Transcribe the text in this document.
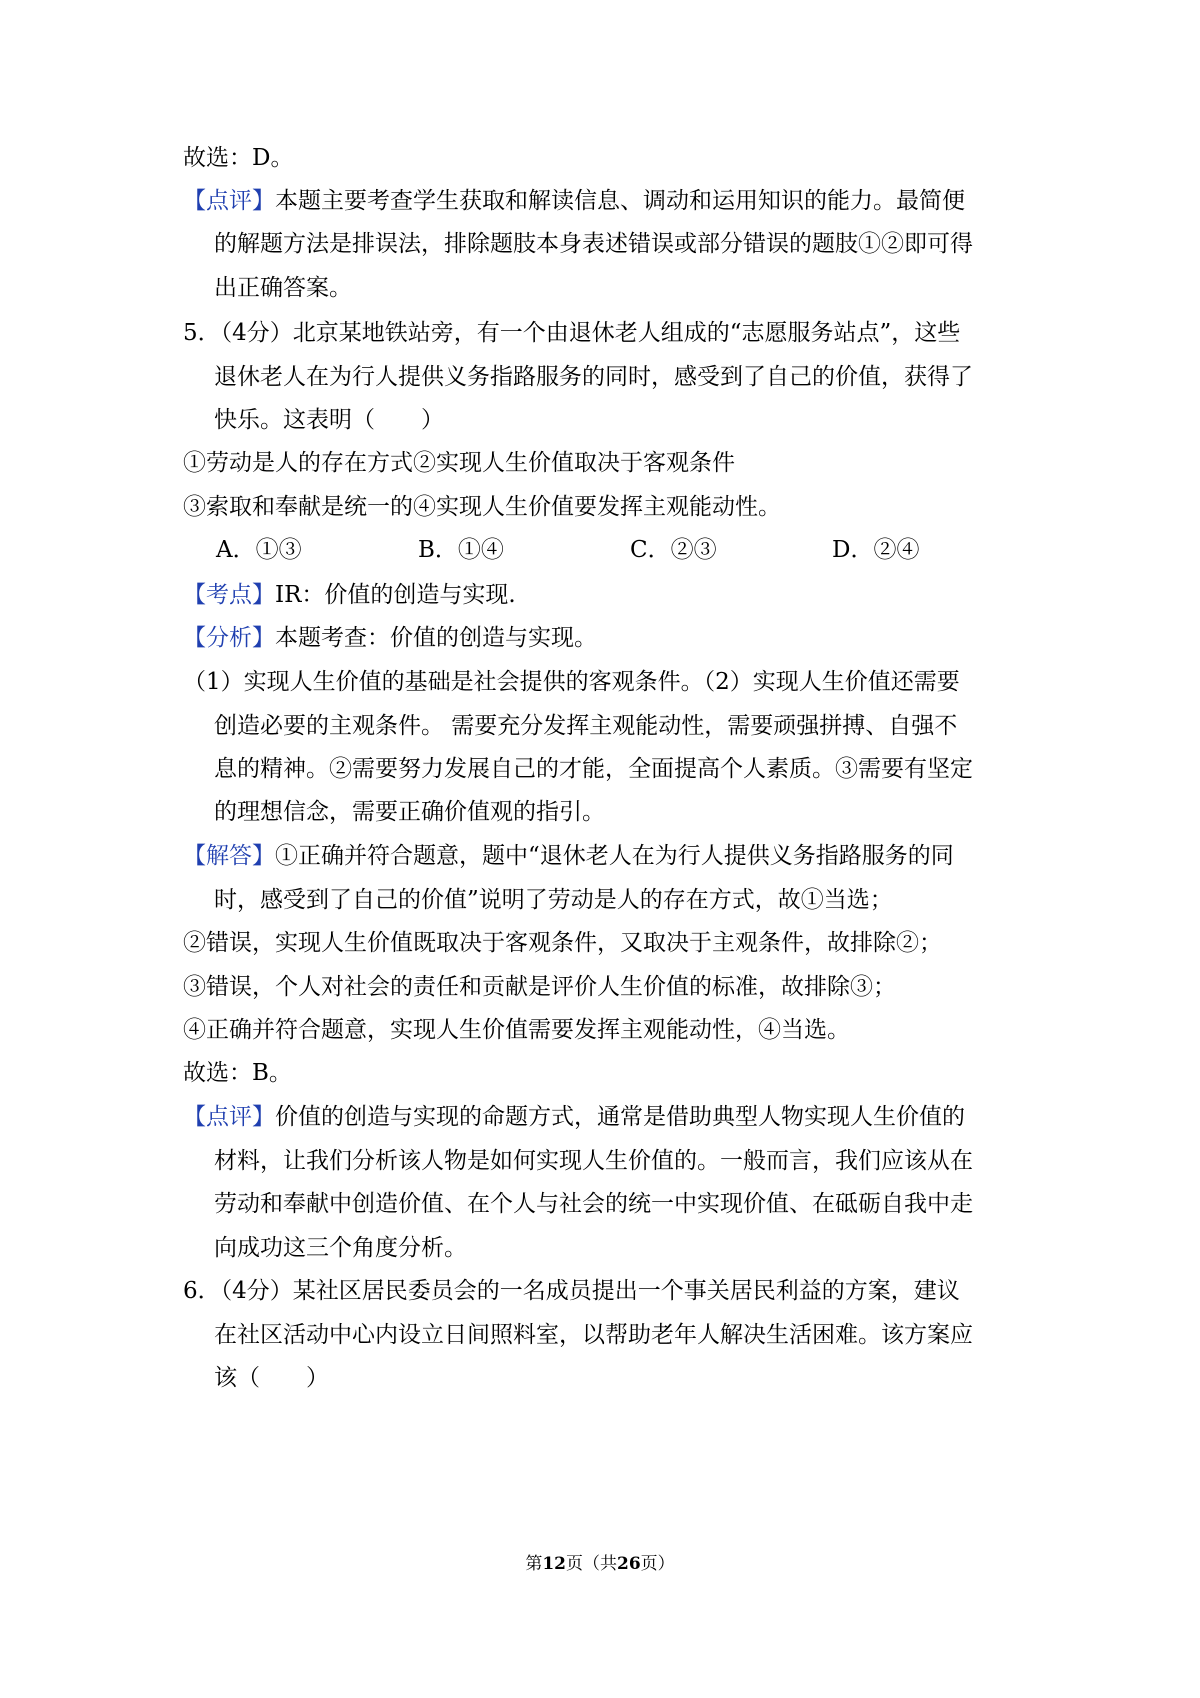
故选：D。
【点评】本题主要考查学生获取和解读信息、调动和运用知识的能力。最简便
的解题方法是排误法，排除题肢本身表述错误或部分错误的题肢①②即可得
出正确答案。
5．（4分）北京某地铁站旁，有一个由退休老人组成的“志愿服务站点”，这些
退休老人在为行人提供义务指路服务的同时，感受到了自己的价值，获得了
快乐。这表明（　　）
①劳动是人的存在方式②实现人生价值取决于客观条件
③索取和奉献是统一的④实现人生价值要发挥主观能动性。
A．①③	B．①④	C．②③	D．②④
【考点】IR：价值的创造与实现.
【分析】本题考查：价值的创造与实现。
（1）实现人生价值的基础是社会提供的客观条件。（2）实现人生价值还需要
创造必要的主观条件。 需要充分发挥主观能动性，需要顽强拼搏、自强不
息的精神。②需要努力发展自己的才能，全面提高个人素质。③需要有坚定
的理想信念，需要正确价值观的指引。
【解答】①正确并符合题意，题中“退休老人在为行人提供义务指路服务的同
时，感受到了自己的价值”说明了劳动是人的存在方式，故①当选；
②错误，实现人生价值既取决于客观条件，又取决于主观条件，故排除②；
③错误，个人对社会的责任和贡献是评价人生价值的标准，故排除③；
④正确并符合题意，实现人生价值需要发挥主观能动性，④当选。
故选：B。
【点评】价值的创造与实现的命题方式，通常是借助典型人物实现人生价值的
材料，让我们分析该人物是如何实现人生价值的。一般而言，我们应该从在
劳动和奉献中创造价值、在个人与社会的统一中实现价值、在砥砺自我中走
向成功这三个角度分析。
6．（4分）某社区居民委员会的一名成员提出一个事关居民利益的方案，建议
在社区活动中心内设立日间照料室，以帮助老年人解决生活困难。该方案应
该（　　）
第12页（共26页）
